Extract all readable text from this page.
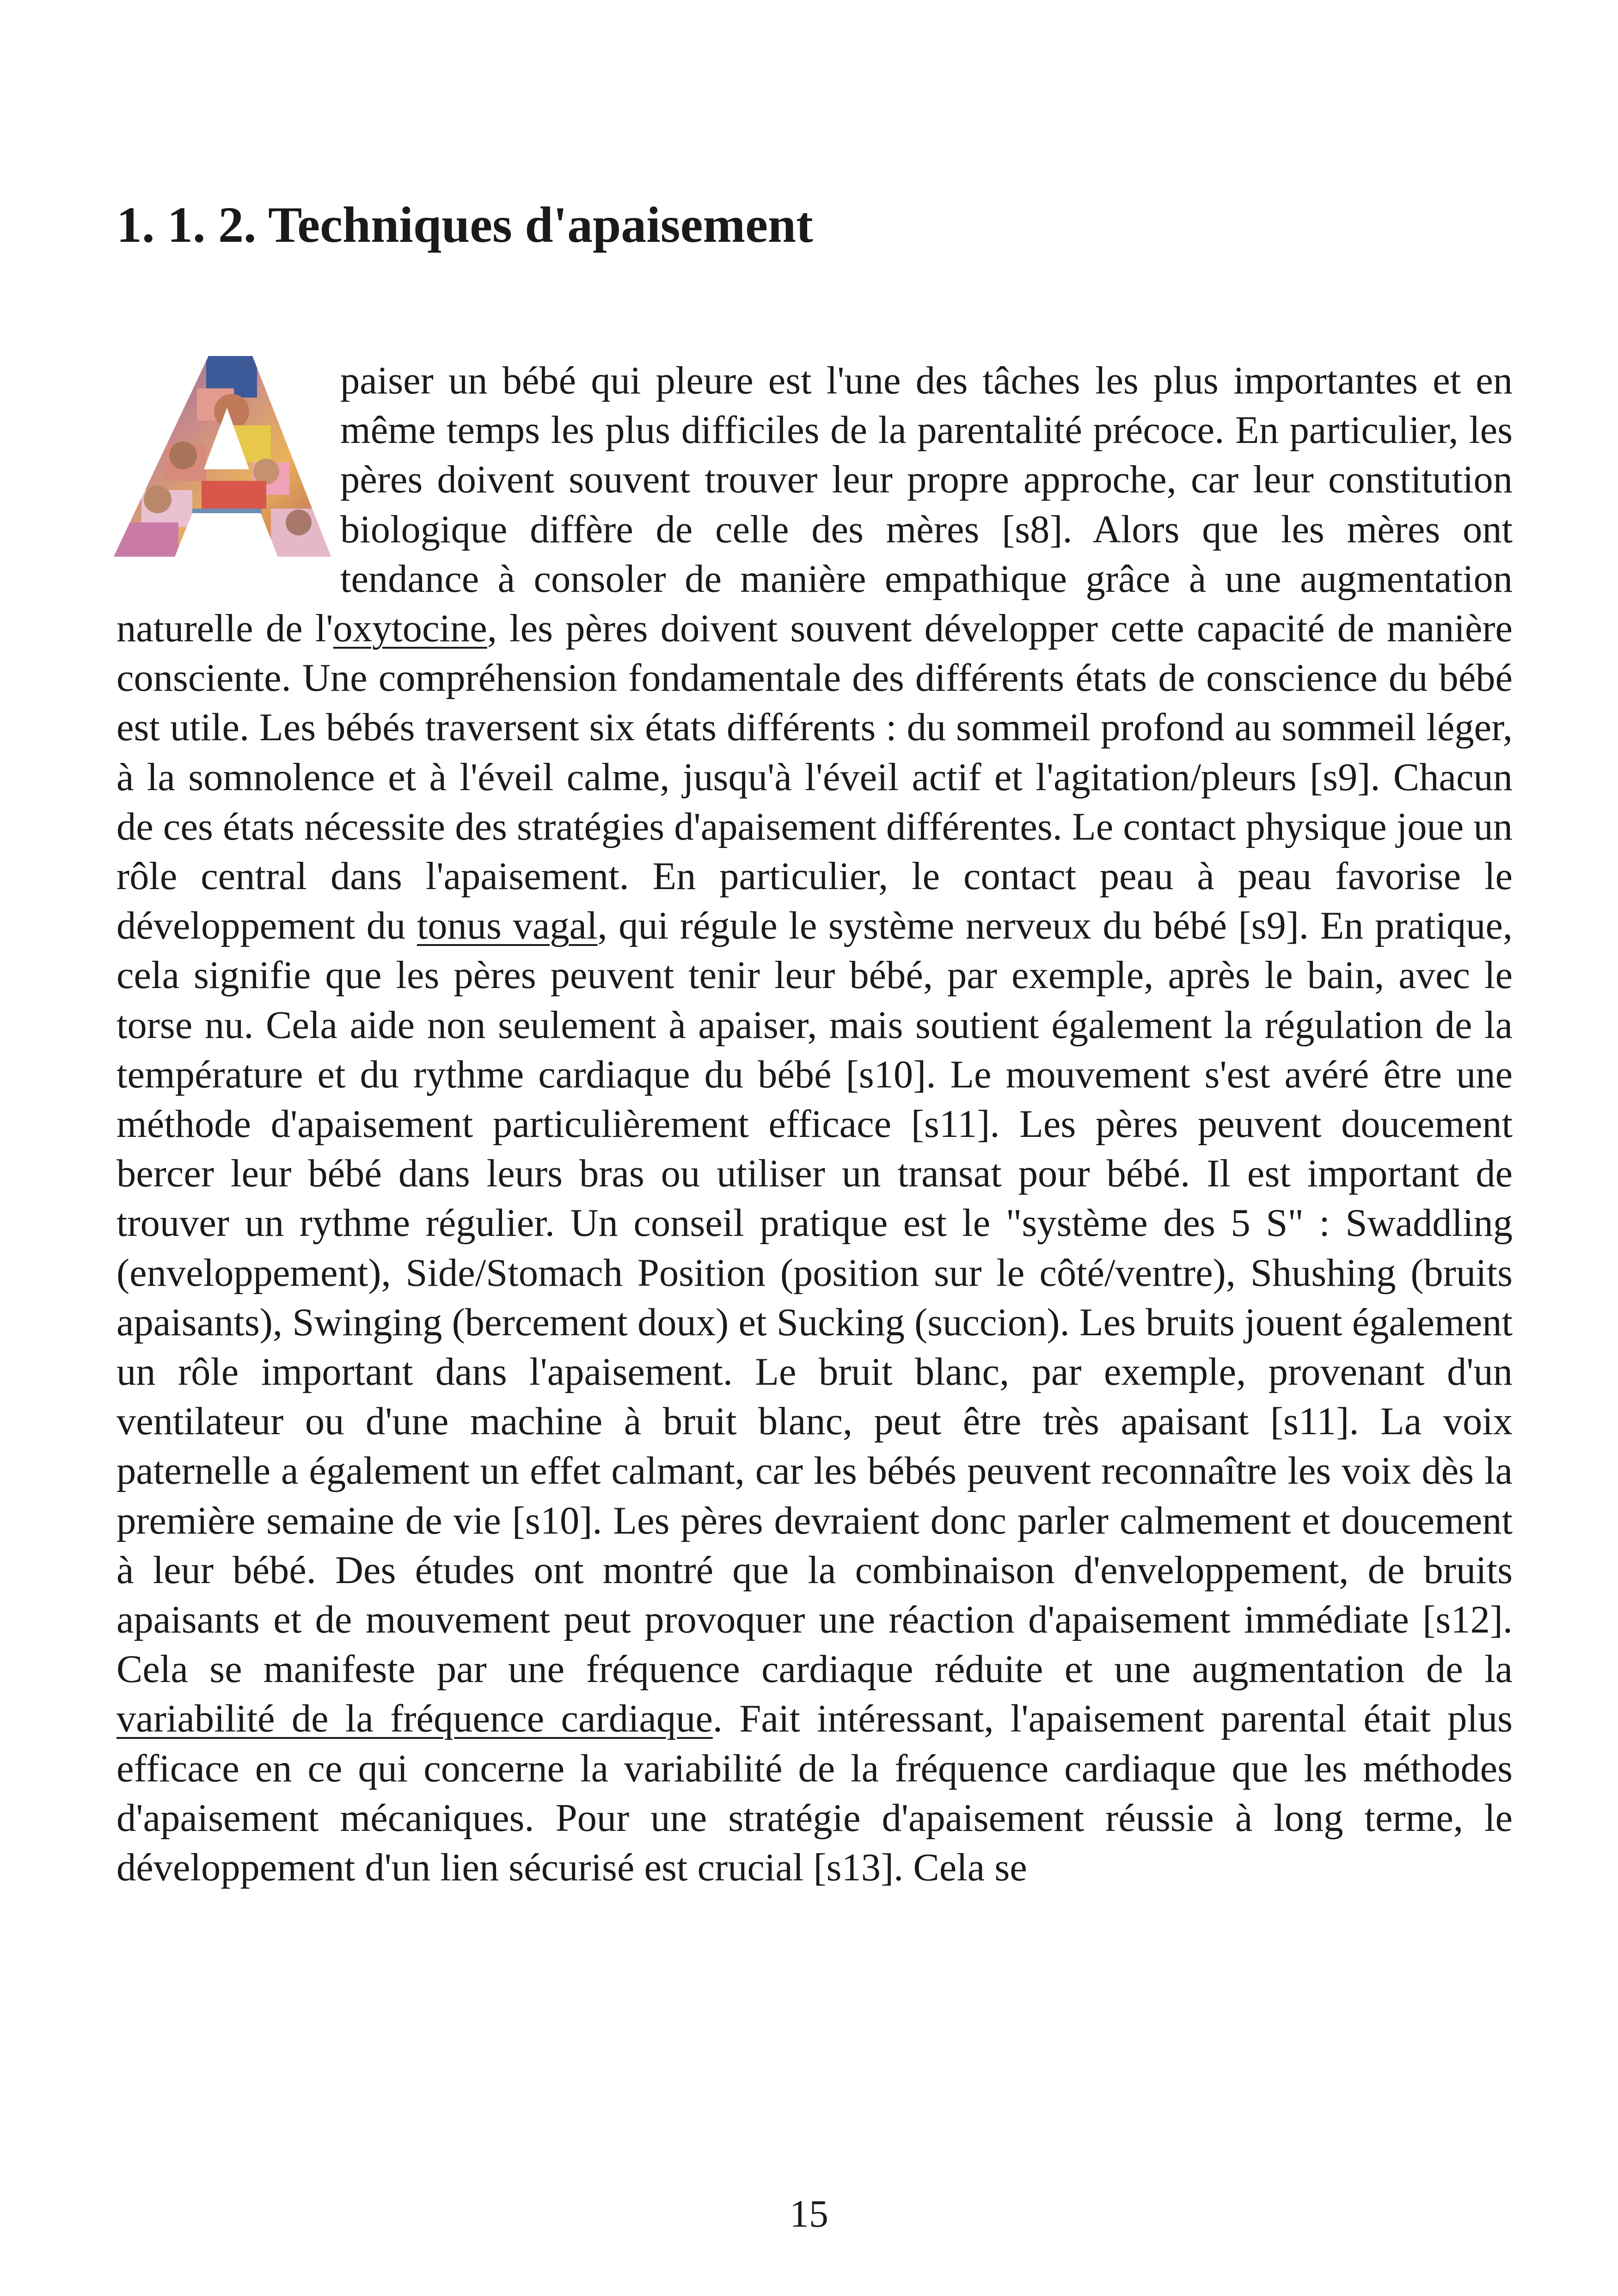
1. 1. 2. Techniques d'apaisement

paiser un bébé qui pleure est l'une des tâches les plus importantes et en même temps les plus difficiles de la parentalité précoce. En particulier, les pères doivent souvent trouver leur propre approche, car leur constitution biologique diffère de celle des mères [s8]. Alors que les mères ont tendance à consoler de manière empathique grâce à une augmentation naturelle de l'oxytocine, les pères doivent souvent développer cette capacité de manière consciente. Une compréhension fondamentale des différents états de conscience du bébé est utile. Les bébés traversent six états différents : du sommeil profond au sommeil léger, à la somnolence et à l'éveil calme, jusqu'à l'éveil actif et l'agitation/pleurs [s9]. Chacun de ces états nécessite des stratégies d'apaisement différentes. Le contact physique joue un rôle central dans l'apaisement. En particulier, le contact peau à peau favorise le développement du tonus vagal, qui régule le système nerveux du bébé [s9]. En pratique, cela signifie que les pères peuvent tenir leur bébé, par exemple, après le bain, avec le torse nu. Cela aide non seulement à apaiser, mais soutient également la régulation de la température et du rythme cardiaque du bébé [s10]. Le mouvement s'est avéré être une méthode d'apaisement particulièrement efficace [s11]. Les pères peuvent doucement bercer leur bébé dans leurs bras ou utiliser un transat pour bébé. Il est important de trouver un rythme régulier. Un conseil pratique est le "système des 5 S" : Swaddling (enveloppement), Side/Stomach Position (position sur le côté/ventre), Shushing (bruits apaisants), Swinging (bercement doux) et Sucking (succion). Les bruits jouent également un rôle important dans l'apaisement. Le bruit blanc, par exemple, provenant d'un ventilateur ou d'une machine à bruit blanc, peut être très apaisant [s11]. La voix paternelle a également un effet calmant, car les bébés peuvent reconnaître les voix dès la première semaine de vie [s10]. Les pères devraient donc parler calmement et doucement à leur bébé. Des études ont montré que la combinaison d'enveloppement, de bruits apaisants et de mouvement peut provoquer une réaction d'apaisement immédiate [s12]. Cela se manifeste par une fréquence cardiaque réduite et une augmentation de la variabilité de la fréquence cardiaque. Fait intéressant, l'apaisement parental était plus efficace en ce qui concerne la variabilité de la fréquence cardiaque que les méthodes d'apaisement mécaniques. Pour une stratégie d'apaisement réussie à long terme, le développement d'un lien sécurisé est crucial [s13]. Cela se

15
